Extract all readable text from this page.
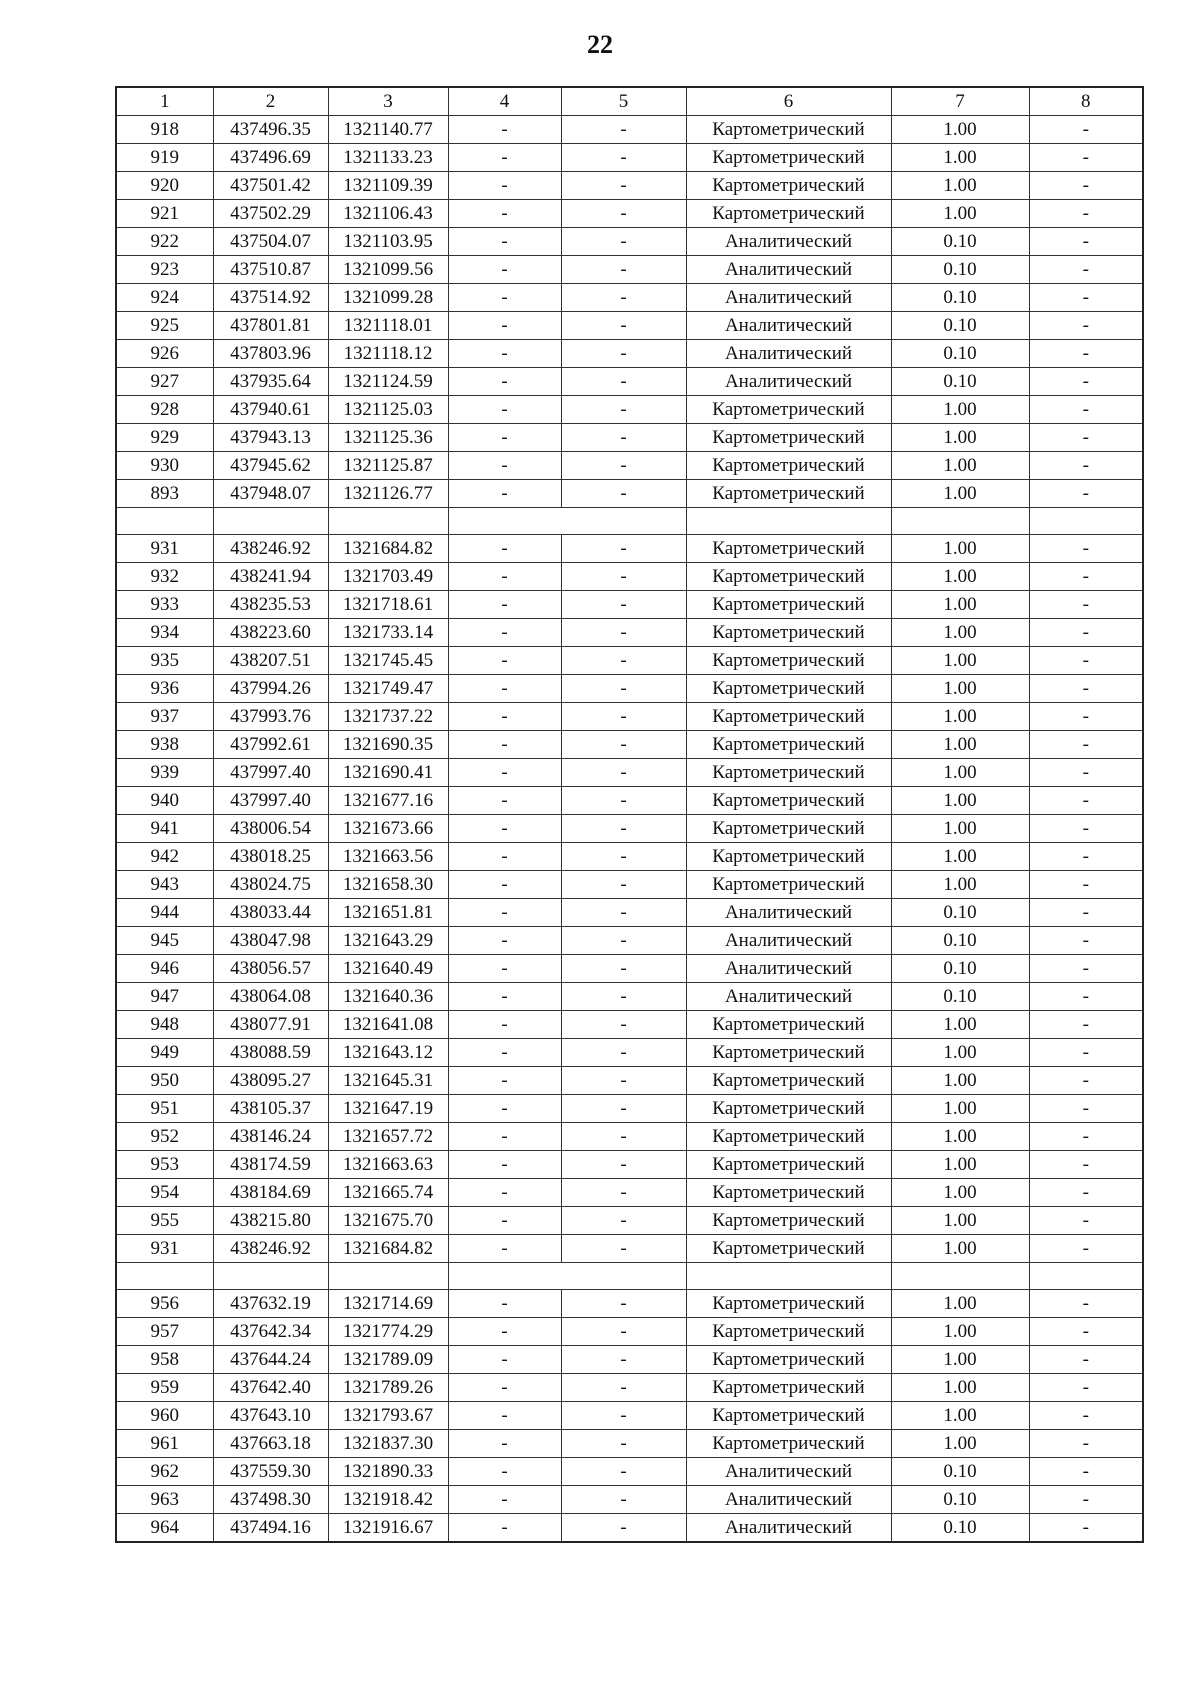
22
1	2	3	4	5	6	7	8
918	437496.35	1321140.77	-	-	Картометрический	1.00	-
919	437496.69	1321133.23	-	-	Картометрический	1.00	-
920	437501.42	1321109.39	-	-	Картометрический	1.00	-
921	437502.29	1321106.43	-	-	Картометрический	1.00	-
922	437504.07	1321103.95	-	-	Аналитический	0.10	-
923	437510.87	1321099.56	-	-	Аналитический	0.10	-
924	437514.92	1321099.28	-	-	Аналитический	0.10	-
925	437801.81	1321118.01	-	-	Аналитический	0.10	-
926	437803.96	1321118.12	-	-	Аналитический	0.10	-
927	437935.64	1321124.59	-	-	Аналитический	0.10	-
928	437940.61	1321125.03	-	-	Картометрический	1.00	-
929	437943.13	1321125.36	-	-	Картометрический	1.00	-
930	437945.62	1321125.87	-	-	Картометрический	1.00	-
893	437948.07	1321126.77	-	-	Картометрический	1.00	-

931	438246.92	1321684.82	-	-	Картометрический	1.00	-
932	438241.94	1321703.49	-	-	Картометрический	1.00	-
933	438235.53	1321718.61	-	-	Картометрический	1.00	-
934	438223.60	1321733.14	-	-	Картометрический	1.00	-
935	438207.51	1321745.45	-	-	Картометрический	1.00	-
936	437994.26	1321749.47	-	-	Картометрический	1.00	-
937	437993.76	1321737.22	-	-	Картометрический	1.00	-
938	437992.61	1321690.35	-	-	Картометрический	1.00	-
939	437997.40	1321690.41	-	-	Картометрический	1.00	-
940	437997.40	1321677.16	-	-	Картометрический	1.00	-
941	438006.54	1321673.66	-	-	Картометрический	1.00	-
942	438018.25	1321663.56	-	-	Картометрический	1.00	-
943	438024.75	1321658.30	-	-	Картометрический	1.00	-
944	438033.44	1321651.81	-	-	Аналитический	0.10	-
945	438047.98	1321643.29	-	-	Аналитический	0.10	-
946	438056.57	1321640.49	-	-	Аналитический	0.10	-
947	438064.08	1321640.36	-	-	Аналитический	0.10	-
948	438077.91	1321641.08	-	-	Картометрический	1.00	-
949	438088.59	1321643.12	-	-	Картометрический	1.00	-
950	438095.27	1321645.31	-	-	Картометрический	1.00	-
951	438105.37	1321647.19	-	-	Картометрический	1.00	-
952	438146.24	1321657.72	-	-	Картометрический	1.00	-
953	438174.59	1321663.63	-	-	Картометрический	1.00	-
954	438184.69	1321665.74	-	-	Картометрический	1.00	-
955	438215.80	1321675.70	-	-	Картометрический	1.00	-
931	438246.92	1321684.82	-	-	Картометрический	1.00	-

956	437632.19	1321714.69	-	-	Картометрический	1.00	-
957	437642.34	1321774.29	-	-	Картометрический	1.00	-
958	437644.24	1321789.09	-	-	Картометрический	1.00	-
959	437642.40	1321789.26	-	-	Картометрический	1.00	-
960	437643.10	1321793.67	-	-	Картометрический	1.00	-
961	437663.18	1321837.30	-	-	Картометрический	1.00	-
962	437559.30	1321890.33	-	-	Аналитический	0.10	-
963	437498.30	1321918.42	-	-	Аналитический	0.10	-
964	437494.16	1321916.67	-	-	Аналитический	0.10	-
